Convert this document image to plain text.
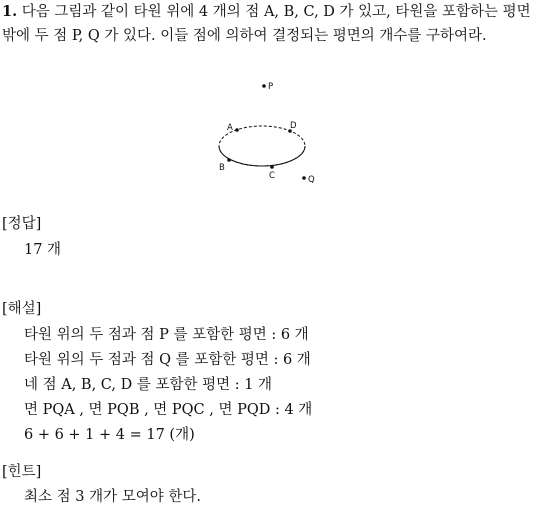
1. 다음 그림과 같이 타원 위에 4 개의 점 A, B, C, D 가 있고, 타원을 포함하는 평면 밖에 두 점 P, Q 가 있다. 이들 점에 의하여 결정되는 평면의 개수를 구하여라.
P
A	D
B
C	Q
[정답]
17 개
[해설]
타원 위의 두 점과 점 P 를 포함한 평면 : 6 개
타원 위의 두 점과 점 Q 를 포함한 평면 : 6 개
네 점 A, B, C, D 를 포함한 평면 : 1 개
면 PQA , 면 PQB , 면 PQC , 면 PQD : 4 개
6 + 6 + 1 + 4 = 17 (개)
[힌트]
최소 점 3 개가 모여야 한다.
